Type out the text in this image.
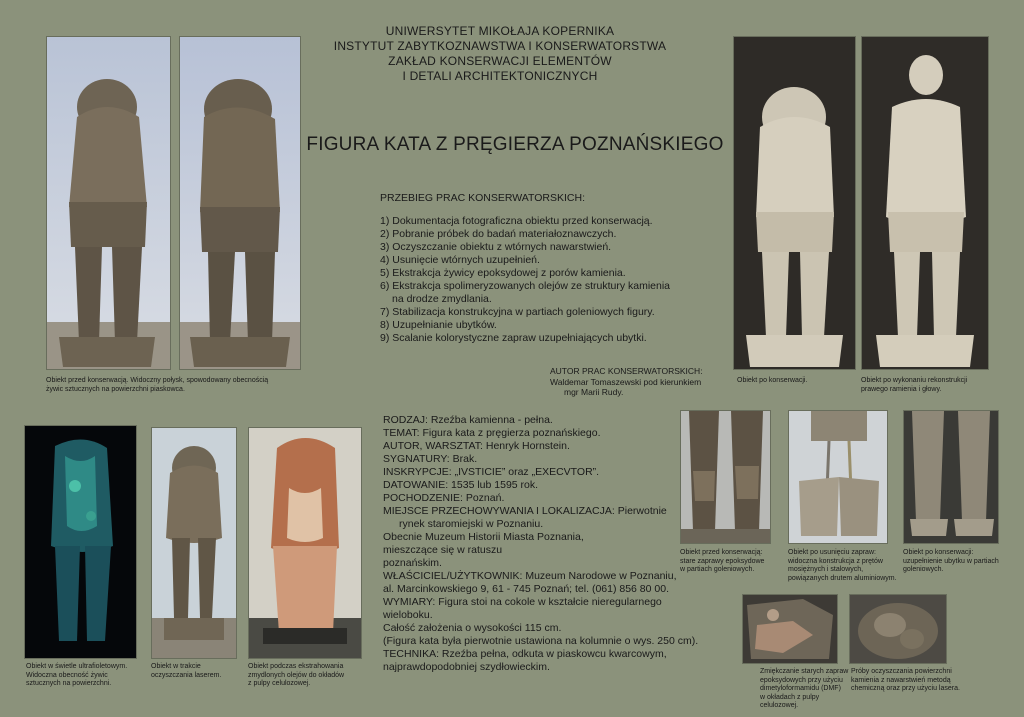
UNIWERSYTET MIKOŁAJA KOPERNIKA
INSTYTUT ZABYTKOZNAWSTWA I KONSERWATORSTWA
ZAKŁAD KONSERWACJI ELEMENTÓW
I DETALI ARCHITEKTONICZNYCH
FIGURA KATA Z PRĘGIERZA POZNAŃSKIEGO
Obiekt przed konserwacją. Widoczny połysk, spowodowany obecnością
żywic sztucznych na powierzchni piaskowca.
Obiekt po konserwacji.	Obiekt po wykonaniu rekonstrukcji
prawego ramienia i głowy.
PRZEBIEG PRAC KONSERWATORSKICH:
1) Dokumentacja fotograficzna obiektu przed konserwacją.
2) Pobranie próbek do badań materiałoznawczych.
3) Oczyszczanie obiektu z wtórnych nawarstwień.
4) Usunięcie wtórnych uzupełnień.
5) Ekstrakcja żywicy epoksydowej z porów kamienia.
6) Ekstrakcja spolimeryzowanych olejów ze struktury kamienia
na drodze zmydlania.
7) Stabilizacja konstrukcyjna w partiach goleniowych figury.
8) Uzupełnianie ubytków.
9) Scalanie kolorystyczne zapraw uzupełniających ubytki.
AUTOR PRAC KONSERWATORSKICH:
Waldemar Tomaszewski pod kierunkiem
mgr Marii Rudy.
RODZAJ: Rzeźba kamienna - pełna.
TEMAT: Figura kata z pręgierza poznańskiego.
AUTOR, WARSZTAT: Henryk Hornstein.
SYGNATURY: Brak.
INSKRYPCJE: „IVSTICIE” oraz „EXECVTOR”.
DATOWANIE: 1535 lub 1595 rok.
POCHODZENIE: Poznań.
MIEJSCE PRZECHOWYWANIA I LOKALIZACJA: Pierwotnie
rynek staromiejski w Poznaniu.
Obecnie Muzeum Historii Miasta Poznania,
mieszczące się w ratuszu
poznańskim.
WŁAŚCICIEL/UŻYTKOWNIK: Muzeum Narodowe w Poznaniu,
al. Marcinkowskiego 9, 61 - 745 Poznań; tel. (061) 856 80 00.
WYMIARY: Figura stoi na cokole w kształcie nieregularnego wieloboku.
Całość założenia o wysokości 115 cm.
(Figura kata była pierwotnie ustawiona na kolumnie o wys. 250 cm).
TECHNIKA: Rzeźba pełna, odkuta w piaskowcu kwarcowym,
najprawdopodobniej szydłowieckim.
Obiekt w świetle ultrafioletowym.
Widoczna obecność żywic
sztucznych na powierzchni.
Obiekt w trakcie
oczyszczania laserem.
Obiekt podczas ekstrahowania
zmydlonych olejów do okładów
z pulpy celulozowej.
Obiekt przed konserwacją:
stare zaprawy epoksydowe
w partiach goleniowych.
Obiekt po usunięciu zapraw:
widoczna konstrukcja z prętów
mosiężnych i stalowych,
powiązanych drutem aluminiowym.
Obiekt po konserwacji:
uzupełnienie ubytku w partiach
goleniowych.
Zmiękczanie starych zapraw
epoksydowych przy użyciu
dimetyloformamidu (DMF)
w okładach z pulpy celulozowej.
Próby oczyszczania powierzchni
kamienia z nawarstwień metodą
chemiczną oraz przy użyciu lasera.
